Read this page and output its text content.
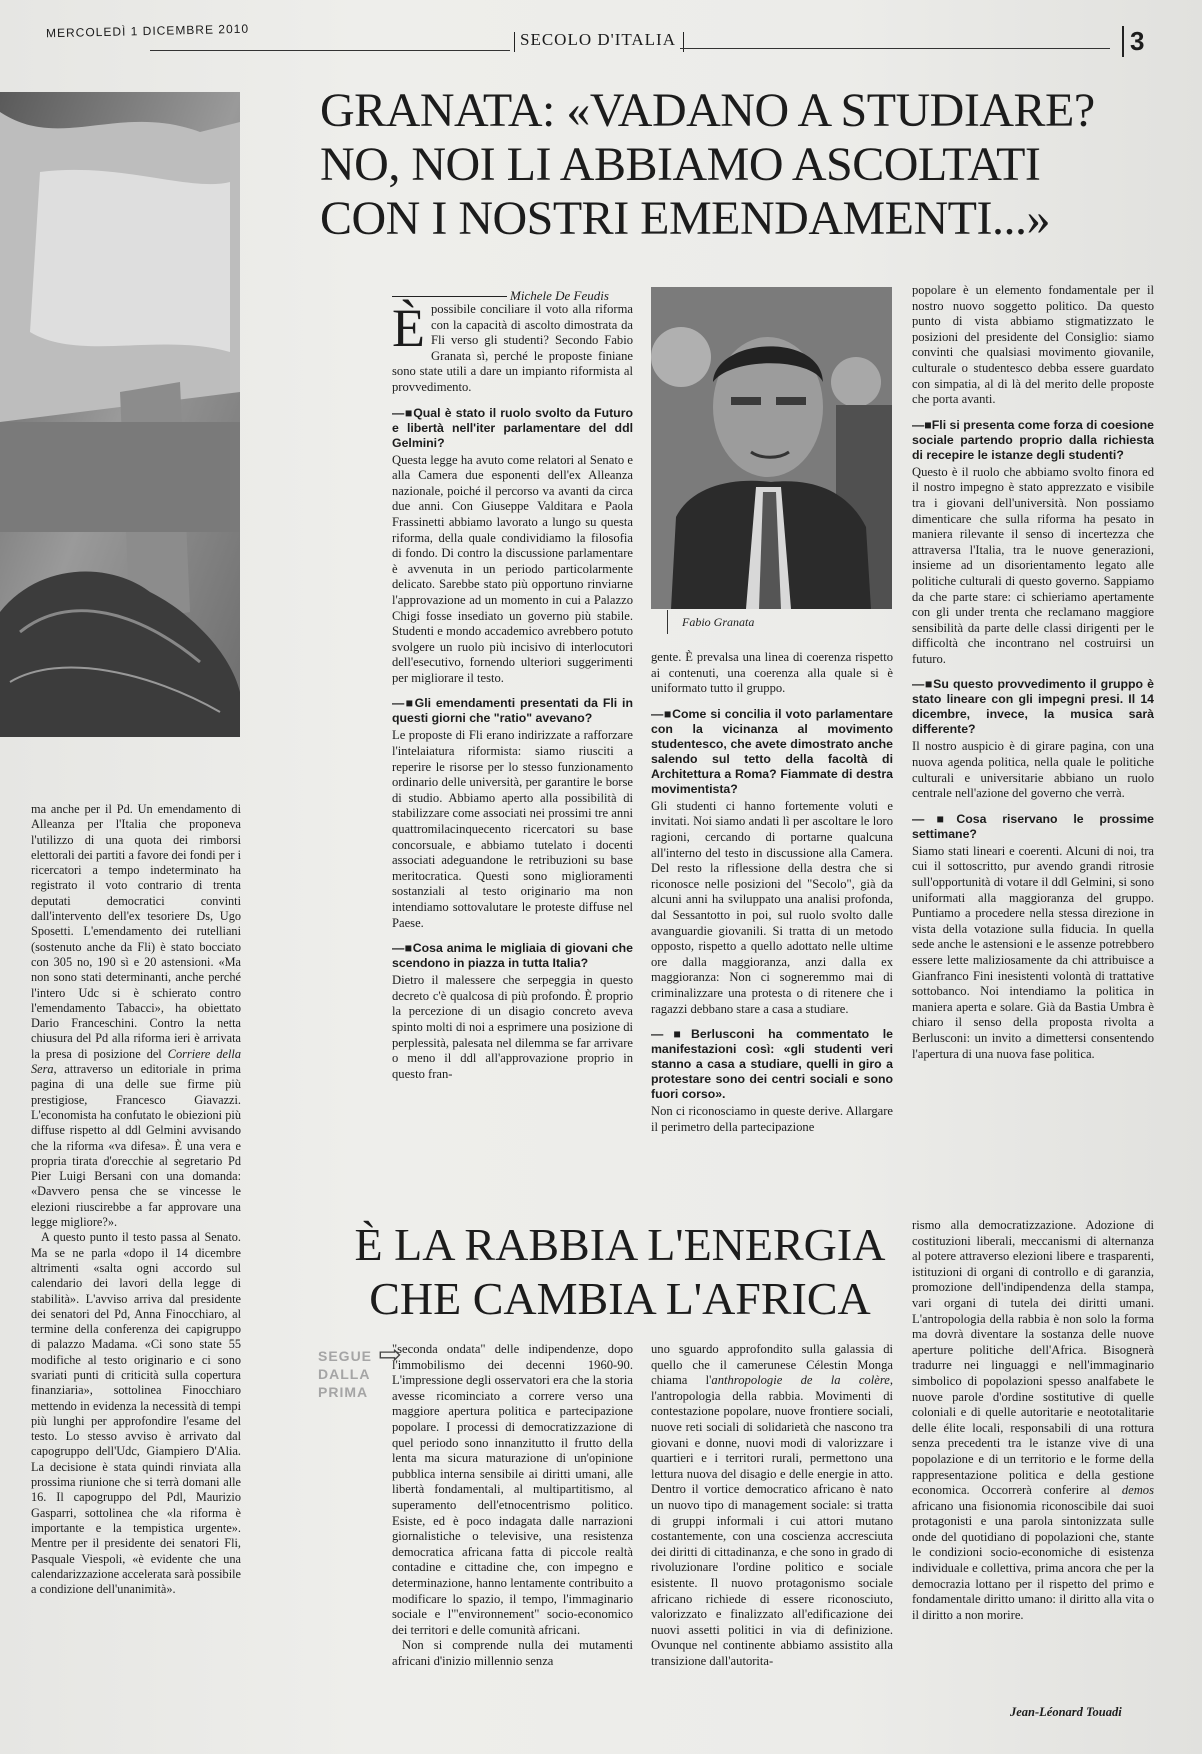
MERCOLEDÌ 1 DICEMBRE 2010	SECOLO D'ITALIA	3
GRANATA: «VADANO A STUDIARE?
NO, NOI LI ABBIAMO ASCOLTATI
CON I NOSTRI EMENDAMENTI...»
Michele De Feudis
Fabio Granata

Èpossibile conciliare il voto alla riforma con la capacità di ascolto dimostrata da Fli verso gli studenti? Secondo Fabio Granata sì, perché le proposte finiane sono state utili a dare un impianto riformista al provvedimento.

—■ Qual è stato il ruolo svolto da Futuro e libertà nell'iter parlamentare del ddl Gelmini?

Questa legge ha avuto come relatori al Senato e alla Camera due esponenti dell'ex Alleanza nazionale, poiché il percorso va avanti da circa due anni. Con Giuseppe Valditara e Paola Frassinetti abbiamo lavorato a lungo su questa riforma, della quale condividiamo la filosofia di fondo. Di contro la discussione parlamentare è avvenuta in un periodo particolarmente delicato. Sarebbe stato più opportuno rinviarne l'approvazione ad un momento in cui a Palazzo Chigi fosse insediato un governo più stabile. Studenti e mondo accademico avrebbero potuto svolgere un ruolo più incisivo di interlocutori dell'esecutivo, fornendo ulteriori suggerimenti per migliorare il testo.

—■ Gli emendamenti presentati da Fli in questi giorni che "ratio" avevano?

Le proposte di Fli erano indirizzate a rafforzare l'intelaiatura riformista: siamo riusciti a reperire le risorse per lo stesso funzionamento ordinario delle università, per garantire le borse di studio. Abbiamo aperto alla possibilità di stabilizzare come associati nei prossimi tre anni quattromilacinquecento ricercatori su base concorsuale, e abbiamo tutelato i docenti associati adeguandone le retribuzioni su base meritocratica. Questi sono miglioramenti sostanziali al testo originario ma non intendiamo sottovalutare le proteste diffuse nel Paese.

—■ Cosa anima le migliaia di giovani che scendono in piazza in tutta Italia?

Dietro il malessere che serpeggia in questo decreto c'è qualcosa di più profondo. È proprio la percezione di un disagio concreto aveva spinto molti di noi a esprimere una posizione di perplessità, palesata nel dilemma se far arrivare o meno il ddl all'approvazione proprio in questo fran-

gente. È prevalsa una linea di coerenza rispetto ai contenuti, una coerenza alla quale si è uniformato tutto il gruppo.

—■ Come si concilia il voto parlamentare con la vicinanza al movimento studentesco, che avete dimostrato anche salendo sul tetto della facoltà di Architettura a Roma? Fiammate di destra movimentista?

Gli studenti ci hanno fortemente voluti e invitati. Noi siamo andati lì per ascoltare le loro ragioni, cercando di portarne qualcuna all'interno del testo in discussione alla Camera. Del resto la riflessione della destra che si riconosce nelle posizioni del "Secolo", già da alcuni anni ha sviluppato una analisi profonda, dal Sessantotto in poi, sul ruolo svolto dalle avanguardie giovanili. Si tratta di un metodo opposto, rispetto a quello adottato nelle ultime ore dalla maggioranza, anzi dalla ex maggioranza: Non ci sogneremmo mai di criminalizzare una protesta o di ritenere che i ragazzi debbano stare a casa a studiare.

—■ Berlusconi ha commentato le manifestazioni così: «gli studenti veri stanno a casa a studiare, quelli in giro a protestare sono dei centri sociali e sono fuori corso».

Non ci riconosciamo in queste derive. Allargare il perimetro della partecipazione

popolare è un elemento fondamentale per il nostro nuovo soggetto politico. Da questo punto di vista abbiamo stigmatizzato le posizioni del presidente del Consiglio: siamo convinti che qualsiasi movimento giovanile, culturale o studentesco debba essere guardato con simpatia, al di là del merito delle proposte che porta avanti.

—■ Fli si presenta come forza di coesione sociale partendo proprio dalla richiesta di recepire le istanze degli studenti?

Questo è il ruolo che abbiamo svolto finora ed il nostro impegno è stato apprezzato e visibile tra i giovani dell'università. Non possiamo dimenticare che sulla riforma ha pesato in maniera rilevante il senso di incertezza che attraversa l'Italia, tra le nuove generazioni, insieme ad un disorientamento legato alle politiche culturali di questo governo. Sappiamo da che parte stare: ci schieriamo apertamente con gli under trenta che reclamano maggiore sensibilità da parte delle classi dirigenti per le difficoltà che incontrano nel costruirsi un futuro.

—■ Su questo provvedimento il gruppo è stato lineare con gli impegni presi. Il 14 dicembre, invece, la musica sarà differente?

Il nostro auspicio è di girare pagina, con una nuova agenda politica, nella quale le politiche culturali e universitarie abbiano un ruolo centrale nell'azione del governo che verrà.

—■ Cosa riservano le prossime settimane?

Siamo stati lineari e coerenti. Alcuni di noi, tra cui il sottoscritto, pur avendo grandi ritrosie sull'opportunità di votare il ddl Gelmini, si sono uniformati alla maggioranza del gruppo. Puntiamo a procedere nella stessa direzione in vista della votazione sulla fiducia. In quella sede anche le astensioni e le assenze potrebbero essere lette maliziosamente da chi attribuisce a Gianfranco Fini inesistenti volontà di trattative sottobanco. Noi intendiamo la politica in maniera aperta e solare. Già da Bastia Umbra è chiaro il senso della proposta rivolta a Berlusconi: un invito a dimettersi consentendo l'apertura di una nuova fase politica.

ma anche per il Pd. Un emendamento di Alleanza per l'Italia che proponeva l'utilizzo di una quota dei rimborsi elettorali dei partiti a favore dei fondi per i ricercatori a tempo indeterminato ha registrato il voto contrario di trenta deputati democratici convinti dall'intervento dell'ex tesoriere Ds, Ugo Sposetti. L'emendamento dei rutelliani (sostenuto anche da Fli) è stato bocciato con 305 no, 190 sì e 20 astensioni. «Ma non sono stati determinanti, anche perché l'intero Udc si è schierato contro l'emendamento Tabacci», ha obiettato Dario Franceschini. Contro la netta chiusura del Pd alla riforma ieri è arrivata la presa di posizione del Corriere della Sera, attraverso un editoriale in prima pagina di una delle sue firme più prestigiose, Francesco Giavazzi. L'economista ha confutato le obiezioni più diffuse rispetto al ddl Gelmini avvisando che la riforma «va difesa». È una vera e propria tirata d'orecchie al segretario Pd Pier Luigi Bersani con una domanda: «Davvero pensa che se vincesse le elezioni riuscirebbe a far approvare una legge migliore?».

A questo punto il testo passa al Senato. Ma se ne parla «dopo il 14 dicembre altrimenti «salta ogni accordo sul calendario dei lavori della legge di stabilità». L'avviso arriva dal presidente dei senatori del Pd, Anna Finocchiaro, al termine della conferenza dei capigruppo di palazzo Madama. «Ci sono state 55 modifiche al testo originario e ci sono svariati punti di criticità sulla copertura finanziaria», sottolinea Finocchiaro mettendo in evidenza la necessità di tempi più lunghi per approfondire l'esame del testo. Lo stesso avviso è arrivato dal capogruppo dell'Udc, Giampiero D'Alia. La decisione è stata quindi rinviata alla prossima riunione che si terrà domani alle 16. Il capogruppo del Pdl, Maurizio Gasparri, sottolinea che «la riforma è importante e la tempistica urgente». Mentre per il presidente dei senatori Fli, Pasquale Viespoli, «è evidente che una calendarizzazione accelerata sarà possibile a condizione dell'unanimità».

È LA RABBIA L'ENERGIA
CHE CAMBIA L'AFRICA
SEGUE
DALLA
PRIMA
⇨

"seconda ondata" delle indipendenze, dopo l'immobilismo dei decenni 1960-90. L'impressione degli osservatori era che la storia avesse ricominciato a correre verso una maggiore apertura politica e partecipazione popolare. I processi di democratizzazione di quel periodo sono innanzitutto il frutto della lenta ma sicura maturazione di un'opinione pubblica interna sensibile ai diritti umani, alle libertà fondamentali, al multipartitismo, al superamento dell'etnocentrismo politico. Esiste, ed è poco indagata dalle narrazioni giornalistiche o televisive, una resistenza democratica africana fatta di piccole realtà contadine e cittadine che, con impegno e determinazione, hanno lentamente contribuito a modificare lo spazio, il tempo, l'immaginario sociale e l'"environnement" socio-economico dei territori e delle comunità africani.

Non si comprende nulla dei mutamenti africani d'inizio millennio senza

uno sguardo approfondito sulla galassia di quello che il camerunese Célestin Monga chiama l'anthropologie de la colère, l'antropologia della rabbia. Movimenti di contestazione popolare, nuove frontiere sociali, nuove reti sociali di solidarietà che nascono tra giovani e donne, nuovi modi di valorizzare i quartieri e i territori rurali, permettono una lettura nuova del disagio e delle energie in atto. Dentro il vortice democratico africano è nato un nuovo tipo di management sociale: si tratta di gruppi informali i cui attori mutano costantemente, con una coscienza accresciuta dei diritti di cittadinanza, e che sono in grado di rivoluzionare l'ordine politico e sociale esistente. Il nuovo protagonismo sociale africano richiede di essere riconosciuto, valorizzato e finalizzato all'edificazione dei nuovi assetti politici in via di definizione. Ovunque nel continente abbiamo assistito alla transizione dall'autorita-

rismo alla democratizzazione. Adozione di costituzioni liberali, meccanismi di alternanza al potere attraverso elezioni libere e trasparenti, istituzioni di organi di controllo e di garanzia, promozione dell'indipendenza della stampa, vari organi di tutela dei diritti umani. L'antropologia della rabbia è non solo la forma ma dovrà diventare la sostanza delle nuove aperture politiche dell'Africa. Bisognerà tradurre nei linguaggi e nell'immaginario simbolico di popolazioni spesso analfabete le nuove parole d'ordine sostitutive di quelle coloniali e di quelle autoritarie e neototalitarie delle élite locali, responsabili di una rottura senza precedenti tra le istanze vive di una popolazione e di un territorio e le forme della rappresentazione politica e della gestione economica. Occorrerà conferire al demos africano una fisionomia riconoscibile dai suoi protagonisti e una parola sintonizzata sulle onde del quotidiano di popolazioni che, stante le condizioni socio-economiche di esistenza individuale e collettiva, prima ancora che per la democrazia lottano per il rispetto del primo e fondamentale diritto umano: il diritto alla vita o il diritto a non morire.

Jean-Léonard Touadi
